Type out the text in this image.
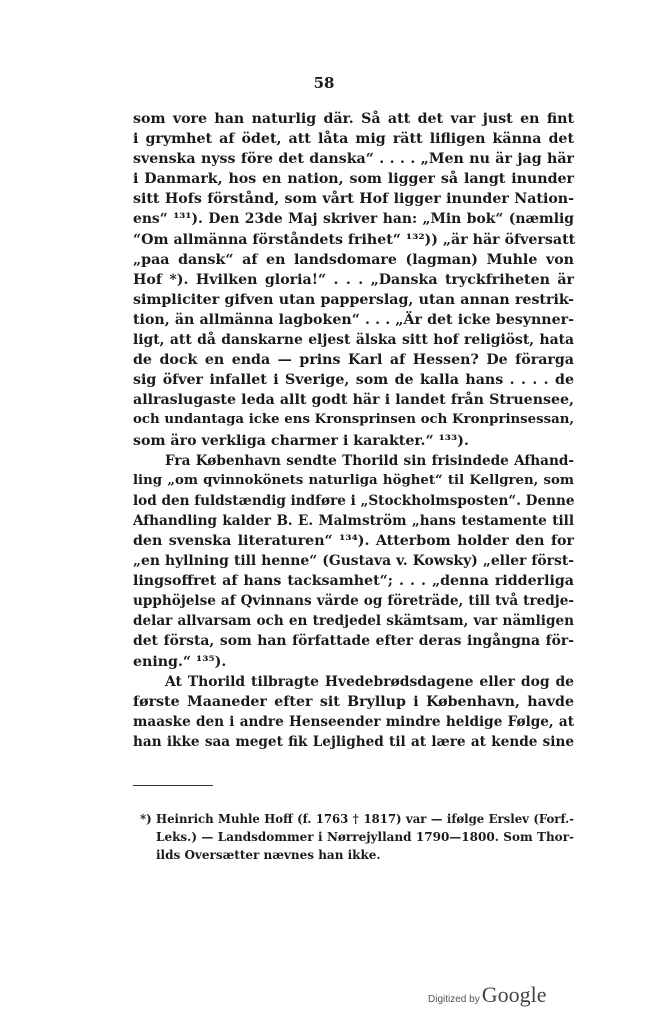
58
som vore han naturlig där. Så att det var just en fint
i grymhet af ödet, att låta mig rätt lifligen känna det
svenska nyss före det danska“ . . . . „Men nu är jag här
i Danmark, hos en nation, som ligger så langt inunder
sitt Hofs förstånd, som vårt Hof ligger inunder Nation-
ens“ ¹³¹). Den 23de Maj skriver han: „Min bok“ (næmlig
“Om allmänna förståndets frihet“ ¹³²)) „är här öfversatt
„paa dansk“ af en landsdomare (lagman) Muhle von
Hof *). Hvilken gloria!“ . . . „Danska tryckfriheten är
simpliciter gifven utan papperslag, utan annan restrik-
tion, än allmänna lagboken“ . . . „Är det icke besynner-
ligt, att då danskarne eljest älska sitt hof religiöst, hata
de dock en enda — prins Karl af Hessen? De förarga
sig öfver infallet i Sverige, som de kalla hans . . . . de
allraslugaste leda allt godt här i landet från Struensee,
och undantaga icke ens Kronsprinsen och Kronprinsessan,
som äro verkliga charmer i karakter.“ ¹³³).
Fra København sendte Thorild sin frisindede Afhand-
ling „om qvinnokönets naturliga höghet“ til Kellgren, som
lod den fuldstændig indføre i „Stockholmsposten“. Denne
Afhandling kalder B. E. Malmström „hans testamente till
den svenska literaturen“ ¹³⁴). Atterbom holder den for
„en hyllning till henne“ (Gustava v. Kowsky) „eller först-
lingsoffret af hans tacksamhet“; . . . „denna ridderliga
upphöjelse af Qvinnans värde og företräde, till två tredje-
delar allvarsam och en tredjedel skämtsam, var nämligen
det första, som han författade efter deras ingångna för-
ening.“ ¹³⁵).
At Thorild tilbragte Hvedebrødsdagene eller dog de
første Maaneder efter sit Bryllup i København, havde
maaske den i andre Henseender mindre heldige Følge, at
han ikke saa meget fik Lejlighed til at lære at kende sine
*) Heinrich Muhle Hoff (f. 1763 † 1817) var — ifølge Erslev (Forf.-
Leks.) — Landsdommer i Nørrejylland 1790—1800. Som Thor-
ilds Oversætter nævnes han ikke.
Digitized by Google
